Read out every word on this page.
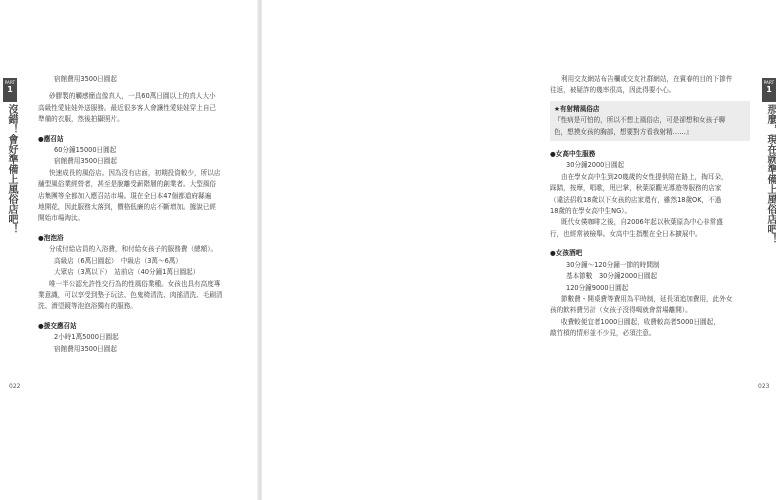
PART
1
沒錯！會好準備上風俗店吧！
宿館費用3500日圓起
砂膠製的觸感簡直像真人，一具60萬日圓以上的真人大小
高級性愛娃娃外送服務。最近很多客人會讓性愛娃娃穿上自己
準備的衣服，然後拍攝照片。
●應召站
60分鐘15000日圓起
宿館費用3500日圓起
快速成長的風俗店。因為沒有店面，初期投資較少，所以店
舖型風俗業經營者，甚至是脫離受薪階層的創業者。大型風俗
店集團等全都加入應召站市場。現在全日本47個都道府縣遍
地開花，因此服務太落到，價格低廉的店不斷增加。據說已經
開始市場淘汰。
●泡泡浴
分成付給店員的入浴費，和付給女孩子的服務費（總額）。
高級店（6萬日圓起）　中級店（3萬～6萬）
大眾店（3萬以下）　站前店（40分鐘1萬日圓起）
唯一半公認允許性交行為的性風俗業種。女孩也具有高度專
業意識，可以享受到墊子玩法、色鬼椅清洗、肉搖清洗、毛刷清
洗、潛望鏡等泡泡浴獨有的服務。
●援交應召站
2小時1萬5000日圓起
宿館費用3500日圓起
022
利用交友網站布告欄或交友社群網站，在賓春的目的下節件
往返，被疑詐的幾率很高，因此得要小心。
★有射精風俗店
『性病是可怕的，所以不想上風俗店，可是卻想和女孩子聊
色，想摸女孩的胸部，想要對方看我射精……』
●女高中生服務
30分鐘2000日圓起
由在學女高中生到20幾歲的女性提供陪在路上，掏耳朵，
踩踏，按摩，唱歌，甩巴掌，秋葉原觀光導遊等服務的店家
（違法招收18歲以下女孩的店家還有，雖然18歲OK，不過
18歲的在學女高中生NG）。
既代女僕咖啡之後，自2006年起以秋葉原為中心非常盛
行，也經常被檢舉。女高中生指壓在全日本擴展中。
●女孩酒吧
30分鐘～120分鐘一節的時間制
基本節數　30分鐘2000日圓起
120分鐘9000日圓起
節數費・開桌費等費用為平時制，延長須追加費用，此外女
孩的飲料費另計（女孩子沒得喝就會當場離開）。
收費較便宜者1000日圓起，收費較高者5000日圓起，
敲竹槓的情形並不少見，必須注意。
PART
1
那麼，現在就準備上風俗店吧！
023
